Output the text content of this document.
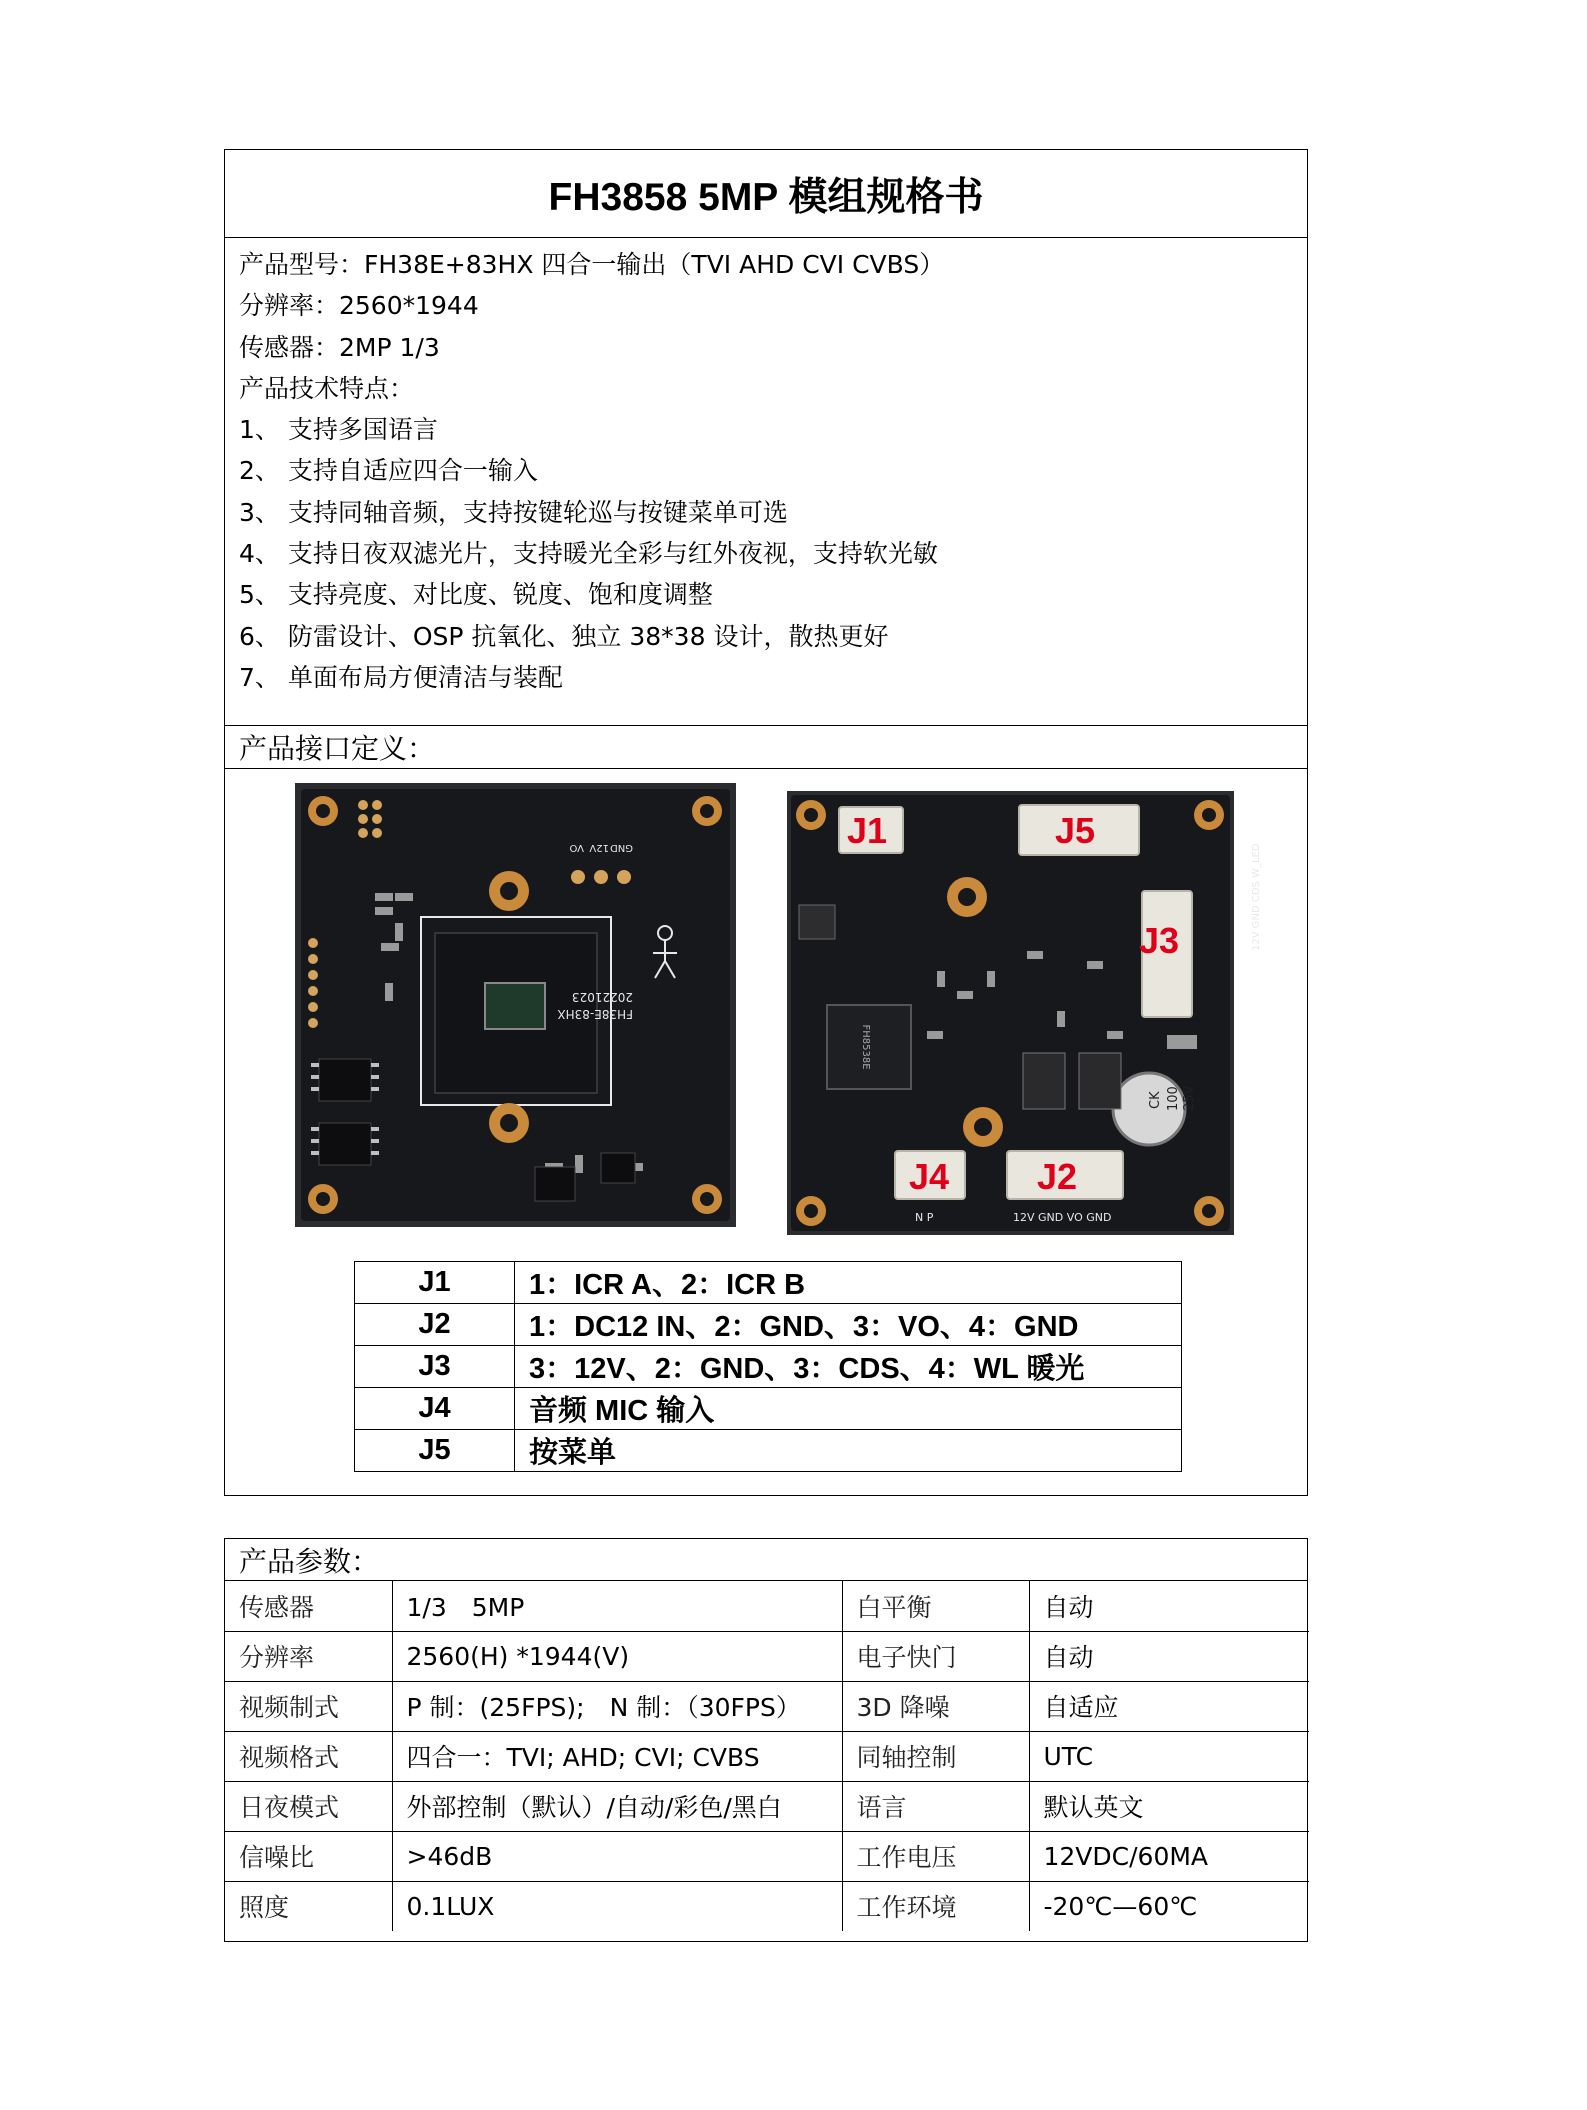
FH3858 5MP 模组规格书
产品型号：FH38E+83HX 四合一输出（TVI AHD CVI CVBS）
分辨率：2560*1944
传感器：2MP 1/3
产品技术特点：
1、 支持多国语言
2、 支持自适应四合一输入
3、 支持同轴音频，支持按键轮巡与按键菜单可选
4、 支持日夜双滤光片，支持暖光全彩与红外夜视，支持软光敏
5、 支持亮度、对比度、锐度、饱和度调整
6、 防雷设计、OSP 抗氧化、独立 38*38 设计，散热更好
7、 单面布局方便清洁与装配
产品接口定义：
VO 12V GND
20221023
FH38E-83HX
FH8538E
CK 100 25V
12V GND CDS W_LED
N P	12V GND VO GND
J1	J5
J3
J4 J2
J1	1：ICR A、2：ICR B
J2	1：DC12 IN、2：GND、3：VO、4：GND
J3	3：12V、2：GND、3：CDS、4：WL 暖光
J4	音频 MIC 输入
J5	按菜单
产品参数：
传感器	1/3　5MP	白平衡	自动
分辨率	2560(H) *1944(V)	电子快门	自动
视频制式	P 制：(25FPS);　N 制：（30FPS）	3D 降噪	自适应
视频格式	四合一：TVI; AHD; CVI; CVBS	同轴控制	UTC
日夜模式	外部控制（默认）/自动/彩色/黑白	语言	默认英文
信噪比	>46dB	工作电压	12VDC/60MA
照度	0.1LUX	工作环境	-20℃—60℃
